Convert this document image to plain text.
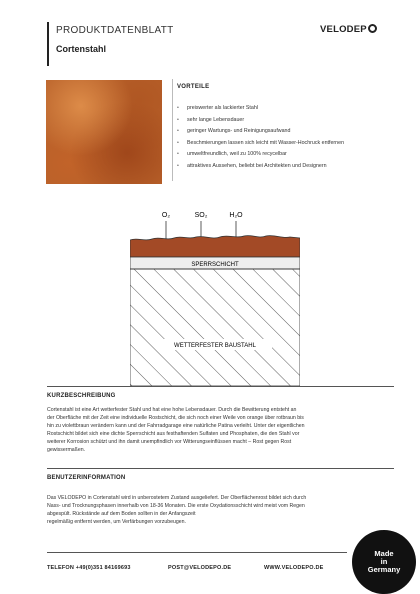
PRODUKTDATENBLATT
Cortenstahl
VELODEP
VORTEILE
• preiswerter als lackierter Stahl
• sehr lange Lebensdauer
• geringer Wartungs- und Reinigungsaufwand
• Beschmierungen lassen sich leicht mit Wasser-Hochruck entfernen
• umweltfreundlich, weil zu 100% recycelbar
• attraktives Aussehen, beliebt bei Architekten und Designern
O₂	SO₂	H₂O
SPERRSCHICHT
WETTERFESTER BAUSTAHL
KURZBESCHREIBUNG
Cortenstahl ist eine Art wetterfester Stahl und hat eine hohe Lebensdauer. Durch die Bewitterung entsteht an
der Oberfläche mit der Zeit eine individuelle Rostschicht, die sich noch einer Weile von orange über rotbraun bis
hin zu violettbraun verändern kann und der Fahrradgarage eine natürliche Patina verleiht. Unter der eigentlichen
Rostschicht bildet sich eine dichte Sperrschicht aus festhaftenden Sulfaten und Phosphaten, die den Stahl vor
weiterer Korrosion schützt und ihn damit unempfindlich vor Witterungseinflüssen macht – Rost gegen Rost
gewissermaßen.
BENUTZERINFORMATION
Das VELODEPO in Cortenstahl wird in unberostetem Zustand ausgeliefert. Der Oberflächenrost bildet sich durch
Nass- und Trocknungsphasen innerhalb von 18-36 Monaten. Die erste Oxydationsschicht wird meist vom Regen
abgespült. Rückstände auf dem Boden sollten in der Anfangszeit
regelmäßig entfernt werden, um Verfärbungen vorzubeugen.
TELEFON +49(0)351 84169693	POST@VELODEPO.DE	WWW.VELODEPO.DE
Made
in
Germany
